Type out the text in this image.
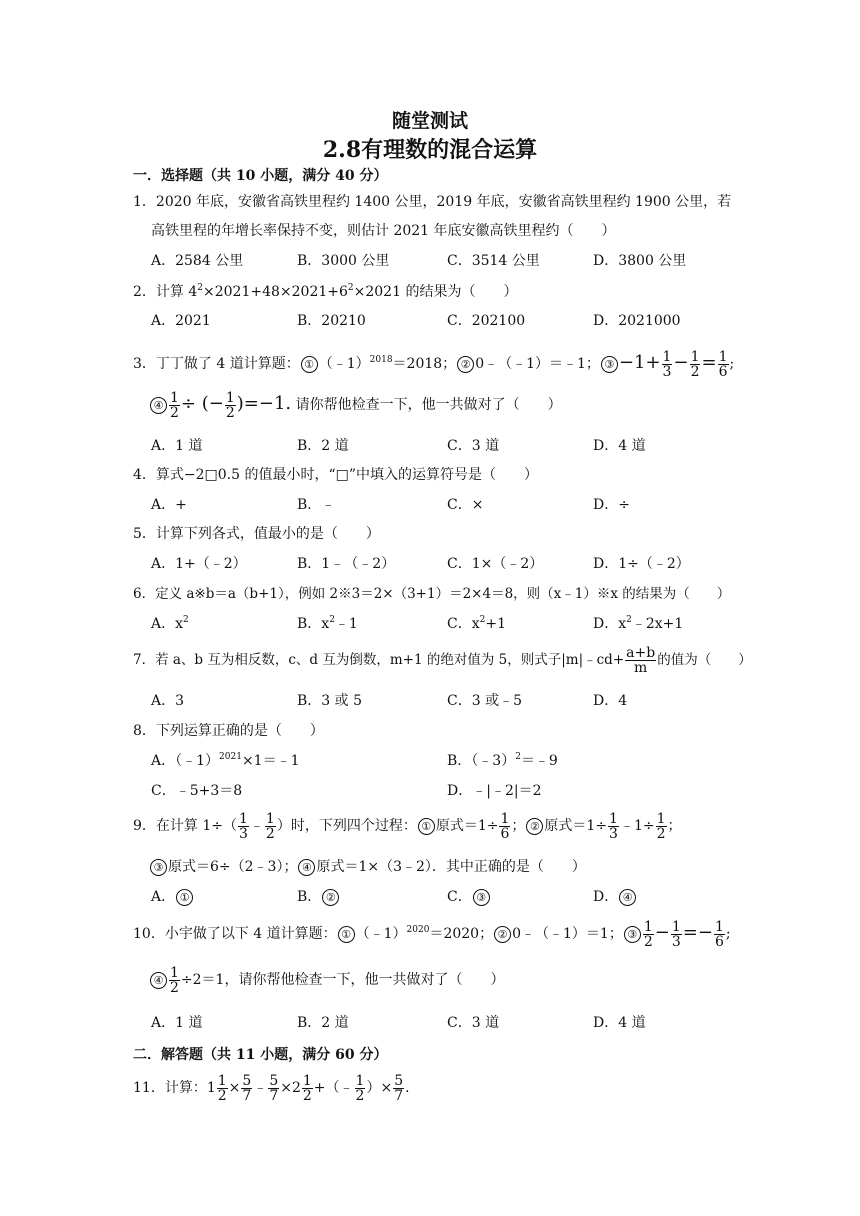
随堂测试
2.8有理数的混合运算
一．选择题（共 10 小题，满分 40 分）
1．2020 年底，安徽省高铁里程约 1400 公里，2019 年底，安徽省高铁里程约 1900 公里，若
高铁里程的年增长率保持不变，则估计 2021 年底安徽高铁里程约（　　）
A．2584 公里	B．3000 公里	C．3514 公里	D．3800 公里
2．计算 $4^2\times 2021+48\times 2021+6^2\times 2021$ 的结果为（　　）
A．2021	B．20210	C．202100	D．2021000
3．丁丁做了 4 道计算题： ① （﹣1）$^{2018}$＝2018； ② 0﹣（﹣1）＝﹣1； ③ $-1+ \frac{1}{3} - \frac{1}{2} = \frac{1}{6}$ ;
④ $\frac{1}{2}$ ÷ (− $\frac{1}{2} )=-1$. 请你帮他检查一下，他一共做对了（　　）
A．1 道	B．2 道	C．3 道	D．4 道
4．算式−2□0.5 的值最小时，“□”中填入的运算符号是（　　）
A．+	B．﹣	C．×	D．÷
5．计算下列各式，值最小的是（　　）
A．1+（﹣2）	B．1﹣（﹣2）	C．1×（﹣2）	D．1÷（﹣2）
6．定义 a※b＝a（b+1），例如 2※3＝2×（3+1）＝2×4＝8，则（x﹣1）※x 的结果为（　　）
A．$x^2$	B．$x^2﹣1$	C．$x^2+1$	D．$x^2﹣2x+1$
7．若 a、b 互为相反数，c、d 互为倒数，m+1 的绝对值为 5，则式子|m|﹣cd+ $\frac{a+b}{m}$ 的值为（　　）
A．3	B．3 或 5	C．3 或﹣5	D．4
8．下列运算正确的是（　　）
A．（﹣1）$^{2021}$×1＝﹣1	B．（﹣3）$^2$＝﹣9
C．﹣5+3＝8	D．﹣|﹣2|＝2
9．在计算 $1\div( \frac{1}{3}$ ﹣ $\frac{1}{2}$ ）时，下列四个过程： ① 原式$=1\div \frac{1}{6}$ ； ② 原式$=1\div \frac{1}{3}$ ﹣1÷ $\frac{1}{2}$ ；
③ 原式＝6÷（2﹣3）； ④ 原式＝1×（3﹣2）．其中正确的是（　　）
A． ①	B． ②	C． ③	D． ④
10．小宇做了以下 4 道计算题： ① （﹣1）$^{2020}$＝2020； ② 0﹣（﹣1）＝1； ③ $\frac{1}{2} - \frac{1}{3} =- \frac{1}{6}$ ;
④ $\frac{1}{2} \div 2=1$，请你帮他检查一下，他一共做对了（　　）
A．1 道	B．2 道	C．3 道	D．4 道
二．解答题（共 11 小题，满分 60 分）
11．计算：$1 \frac{1}{2} \times \frac{5}{7}$ ﹣ $\frac{5}{7} \times 2 \frac{1}{2}$ +（﹣ $\frac{1}{2}$ ）× $\frac{5}{7}$ ．
